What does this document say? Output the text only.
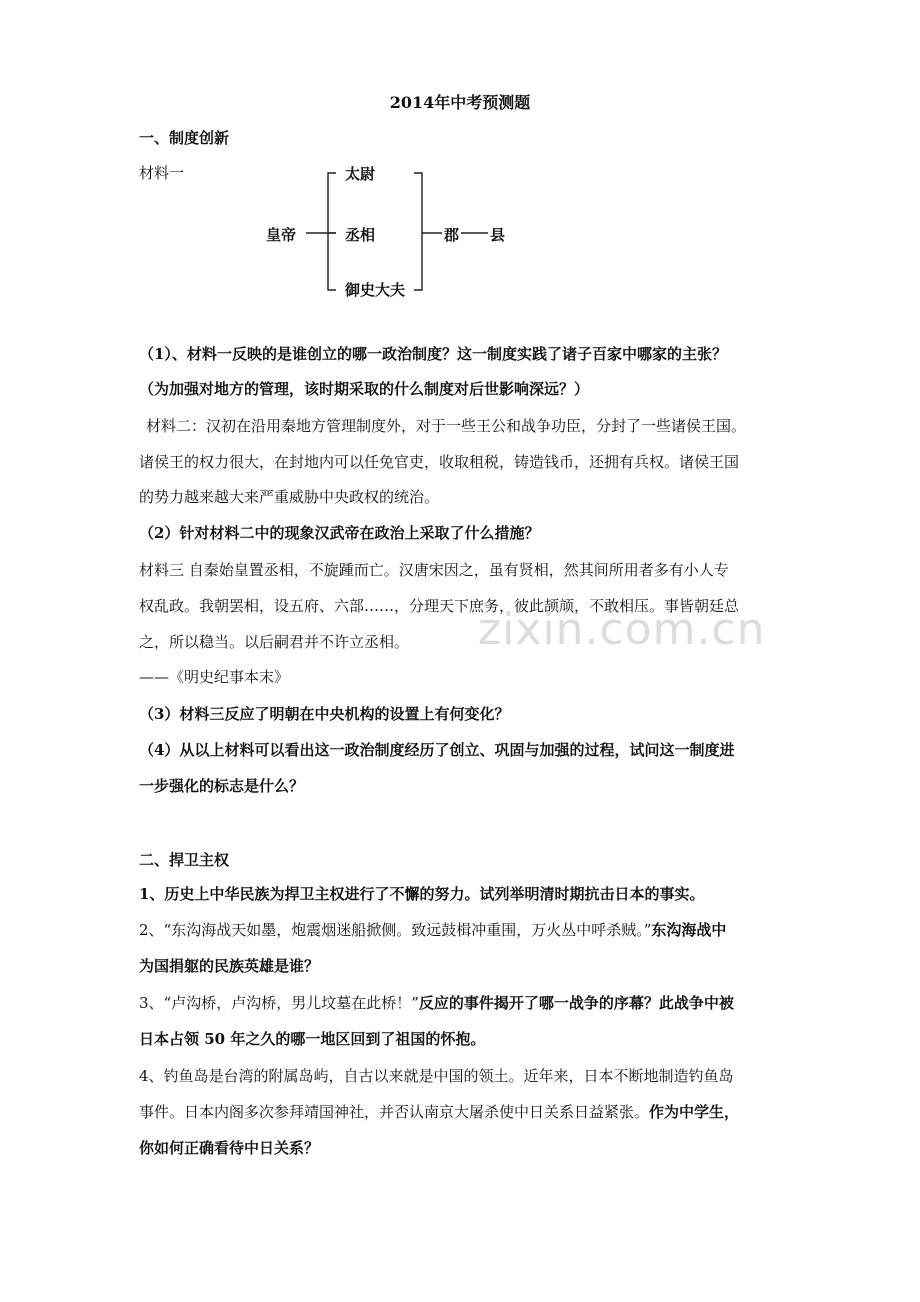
2014年中考预测题
一、制度创新
材料一
皇帝
太尉
丞相
御史大夫
郡 县
（1）、材料一反映的是谁创立的哪一政治制度？这一制度实践了诸子百家中哪家的主张？
（为加强对地方的管理，该时期采取的什么制度对后世影响深远？）
材料二：汉初在沿用秦地方管理制度外，对于一些王公和战争功臣，分封了一些诸侯王国。
诸侯王的权力很大，在封地内可以任免官吏，收取租税，铸造钱币，还拥有兵权。诸侯王国
的势力越来越大来严重威胁中央政权的统治。
（2）针对材料二中的现象汉武帝在政治上采取了什么措施？
材料三 自秦始皇置丞相，不旋踵而亡。汉唐宋因之，虽有贤相，然其间所用者多有小人专
权乱政。我朝罢相，设五府、六部……，分理天下庶务，彼此颉颃，不敢相压。事皆朝廷总
之，所以稳当。以后嗣君并不许立丞相。
——《明史纪事本末》
（3）材料三反应了明朝在中央机构的设置上有何变化？
（4）从以上材料可以看出这一政治制度经历了创立、巩固与加强的过程，试问这一制度进
一步强化的标志是什么？
二、捍卫主权
1、历史上中华民族为捍卫主权进行了不懈的努力。试列举明清时期抗击日本的事实。
2、“东沟海战天如墨，炮震烟迷船掀侧。致远鼓楫冲重围，万火丛中呼杀贼。”东沟海战中
为国捐躯的民族英雄是谁？
3、“卢沟桥，卢沟桥，男儿坟墓在此桥！”反应的事件揭开了哪一战争的序幕？此战争中被
日本占领 50 年之久的哪一地区回到了祖国的怀抱。
4、钓鱼岛是台湾的附属岛屿，自古以来就是中国的领土。近年来，日本不断地制造钓鱼岛
事件。日本内阁多次参拜靖国神社，并否认南京大屠杀使中日关系日益紧张。作为中学生，
你如何正确看待中日关系？
zixin.com.cn
